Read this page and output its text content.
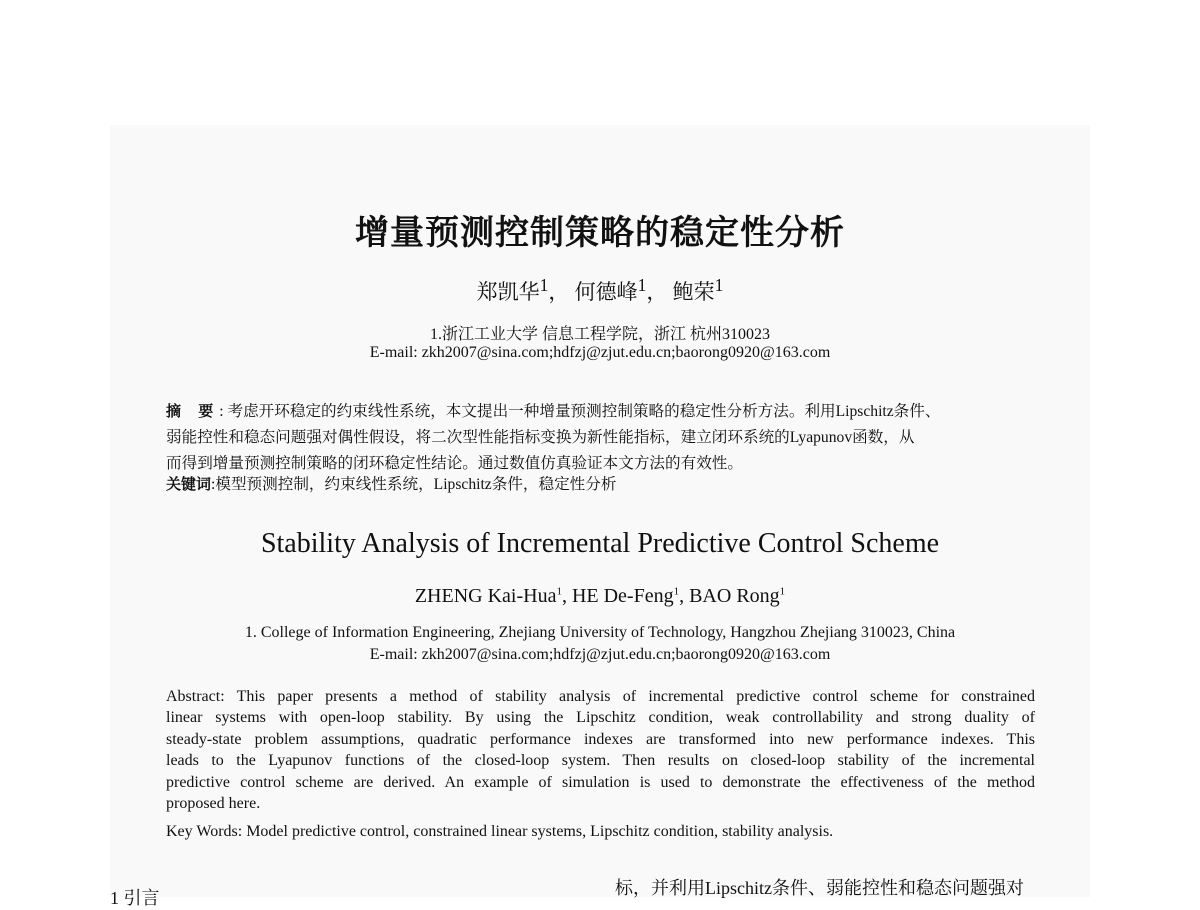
增量预测控制策略的稳定性分析
郑凯华$^1$， 何德峰$^1$， 鲍荣$^1$
1.浙江工业大学 信息工程学院，浙江 杭州310023
E-mail: zkh2007@sina.com;hdfzj@zjut.edu.cn;baorong0920@163.com
摘 要: 考虑开环稳定的约束线性系统，本文提出一种增量预测控制策略的稳定性分析方法。利用Lipschitz条件、
弱能控性和稳态问题强对偶性假设，将二次型性能指标变换为新性能指标，建立闭环系统的Lyapunov函数，从
而得到增量预测控制策略的闭环稳定性结论。通过数值仿真验证本文方法的有效性。
关键词:模型预测控制，约束线性系统，Lipschitz条件，稳定性分析
Stability Analysis of Incremental Predictive Control Scheme
ZHENG Kai-Hua$^1$, HE De-Feng$^1$, BAO Rong$^1$
1. College of Information Engineering, Zhejiang University of Technology, Hangzhou Zhejiang 310023, China
E-mail: zkh2007@sina.com;hdfzj@zjut.edu.cn;baorong0920@163.com
Abstract: This paper presents a method of stability analysis of incremental predictive control scheme for constrained
linear systems with open-loop stability. By using the Lipschitz condition, weak controllability and strong duality of
steady-state problem assumptions, quadratic performance indexes are transformed into new performance indexes. This
leads to the Lyapunov functions of the closed-loop system. Then results on closed-loop stability of the incremental
predictive control scheme are derived. An example of simulation is used to demonstrate the effectiveness of the method
proposed here.
Key Words: Model predictive control, constrained linear systems, Lipschitz condition, stability analysis.
1 引言	标，并利用Lipschitz条件、弱能控性和稳态问题强对
